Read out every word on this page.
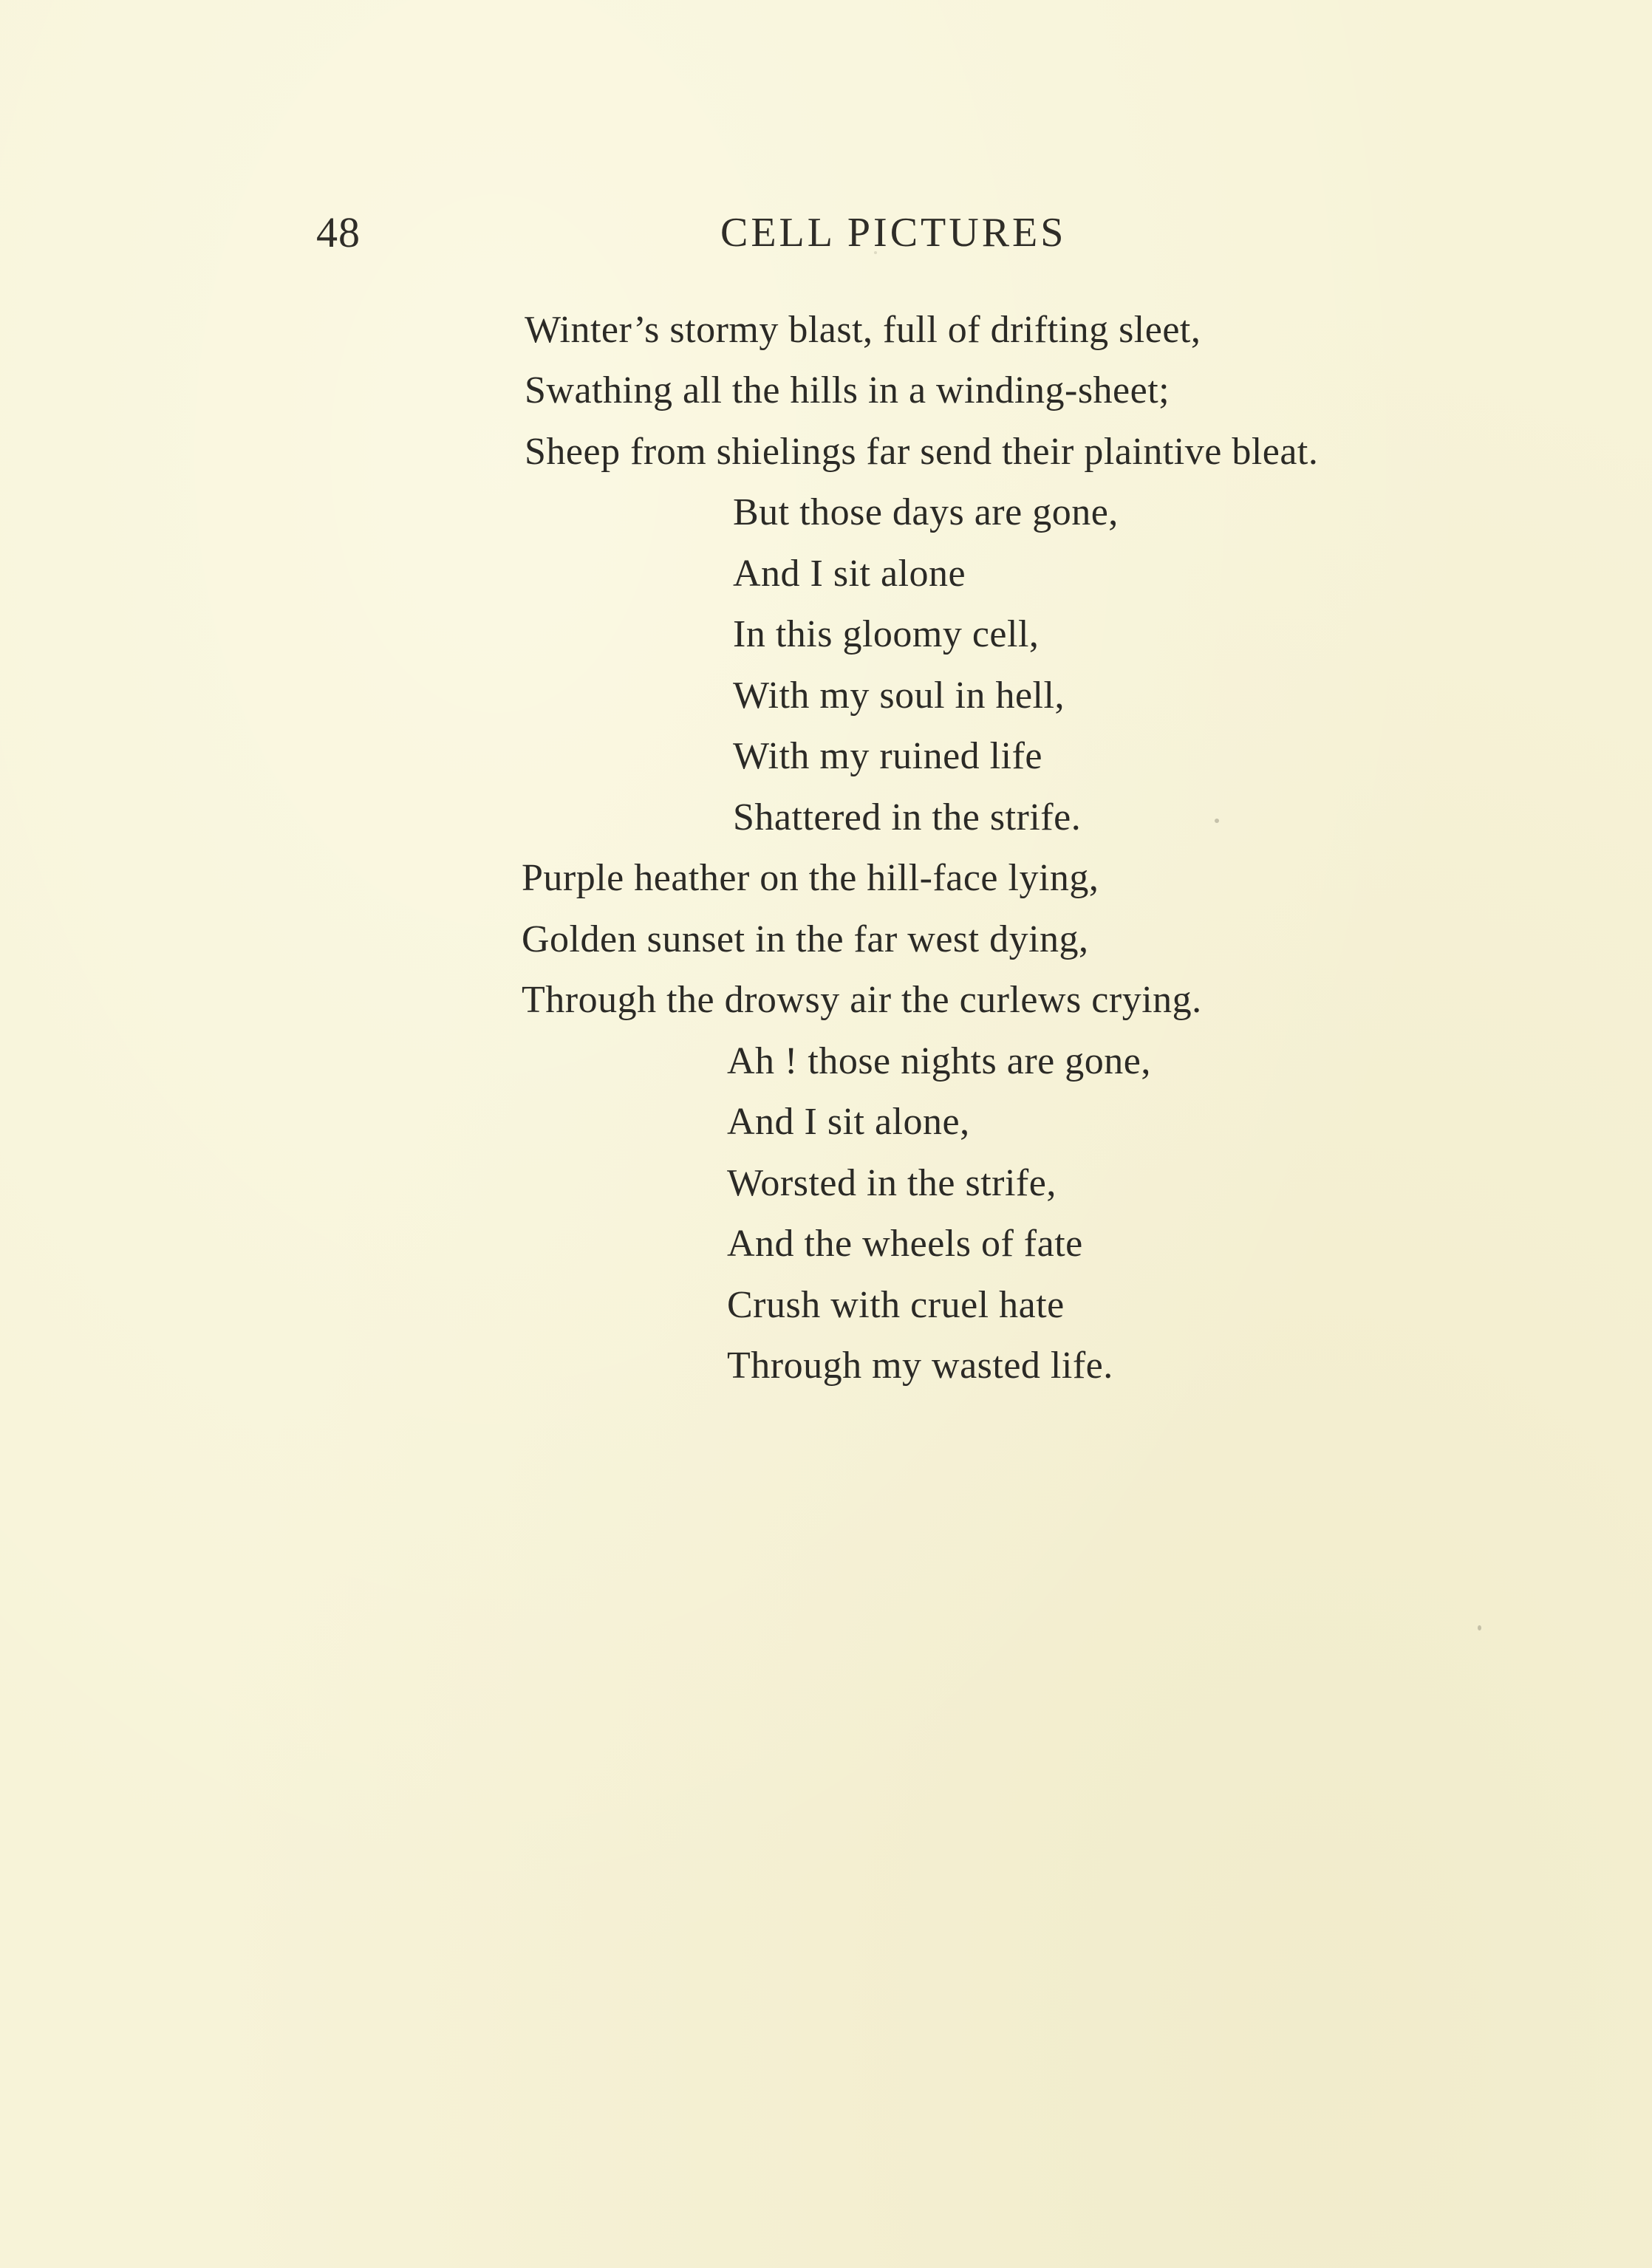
48	CELL PICTURES
Winter’s stormy blast, full of drifting sleet,
Swathing all the hills in a winding-sheet;
Sheep from shielings far send their plaintive bleat.
But those days are gone,
And I sit alone
In this gloomy cell,
With my soul in hell,
With my ruined life
Shattered in the strife.
Purple heather on the hill-face lying,
Golden sunset in the far west dying,
Through the drowsy air the curlews crying.
Ah ! those nights are gone,
And I sit alone,
Worsted in the strife,
And the wheels of fate
Crush with cruel hate
Through my wasted life.
